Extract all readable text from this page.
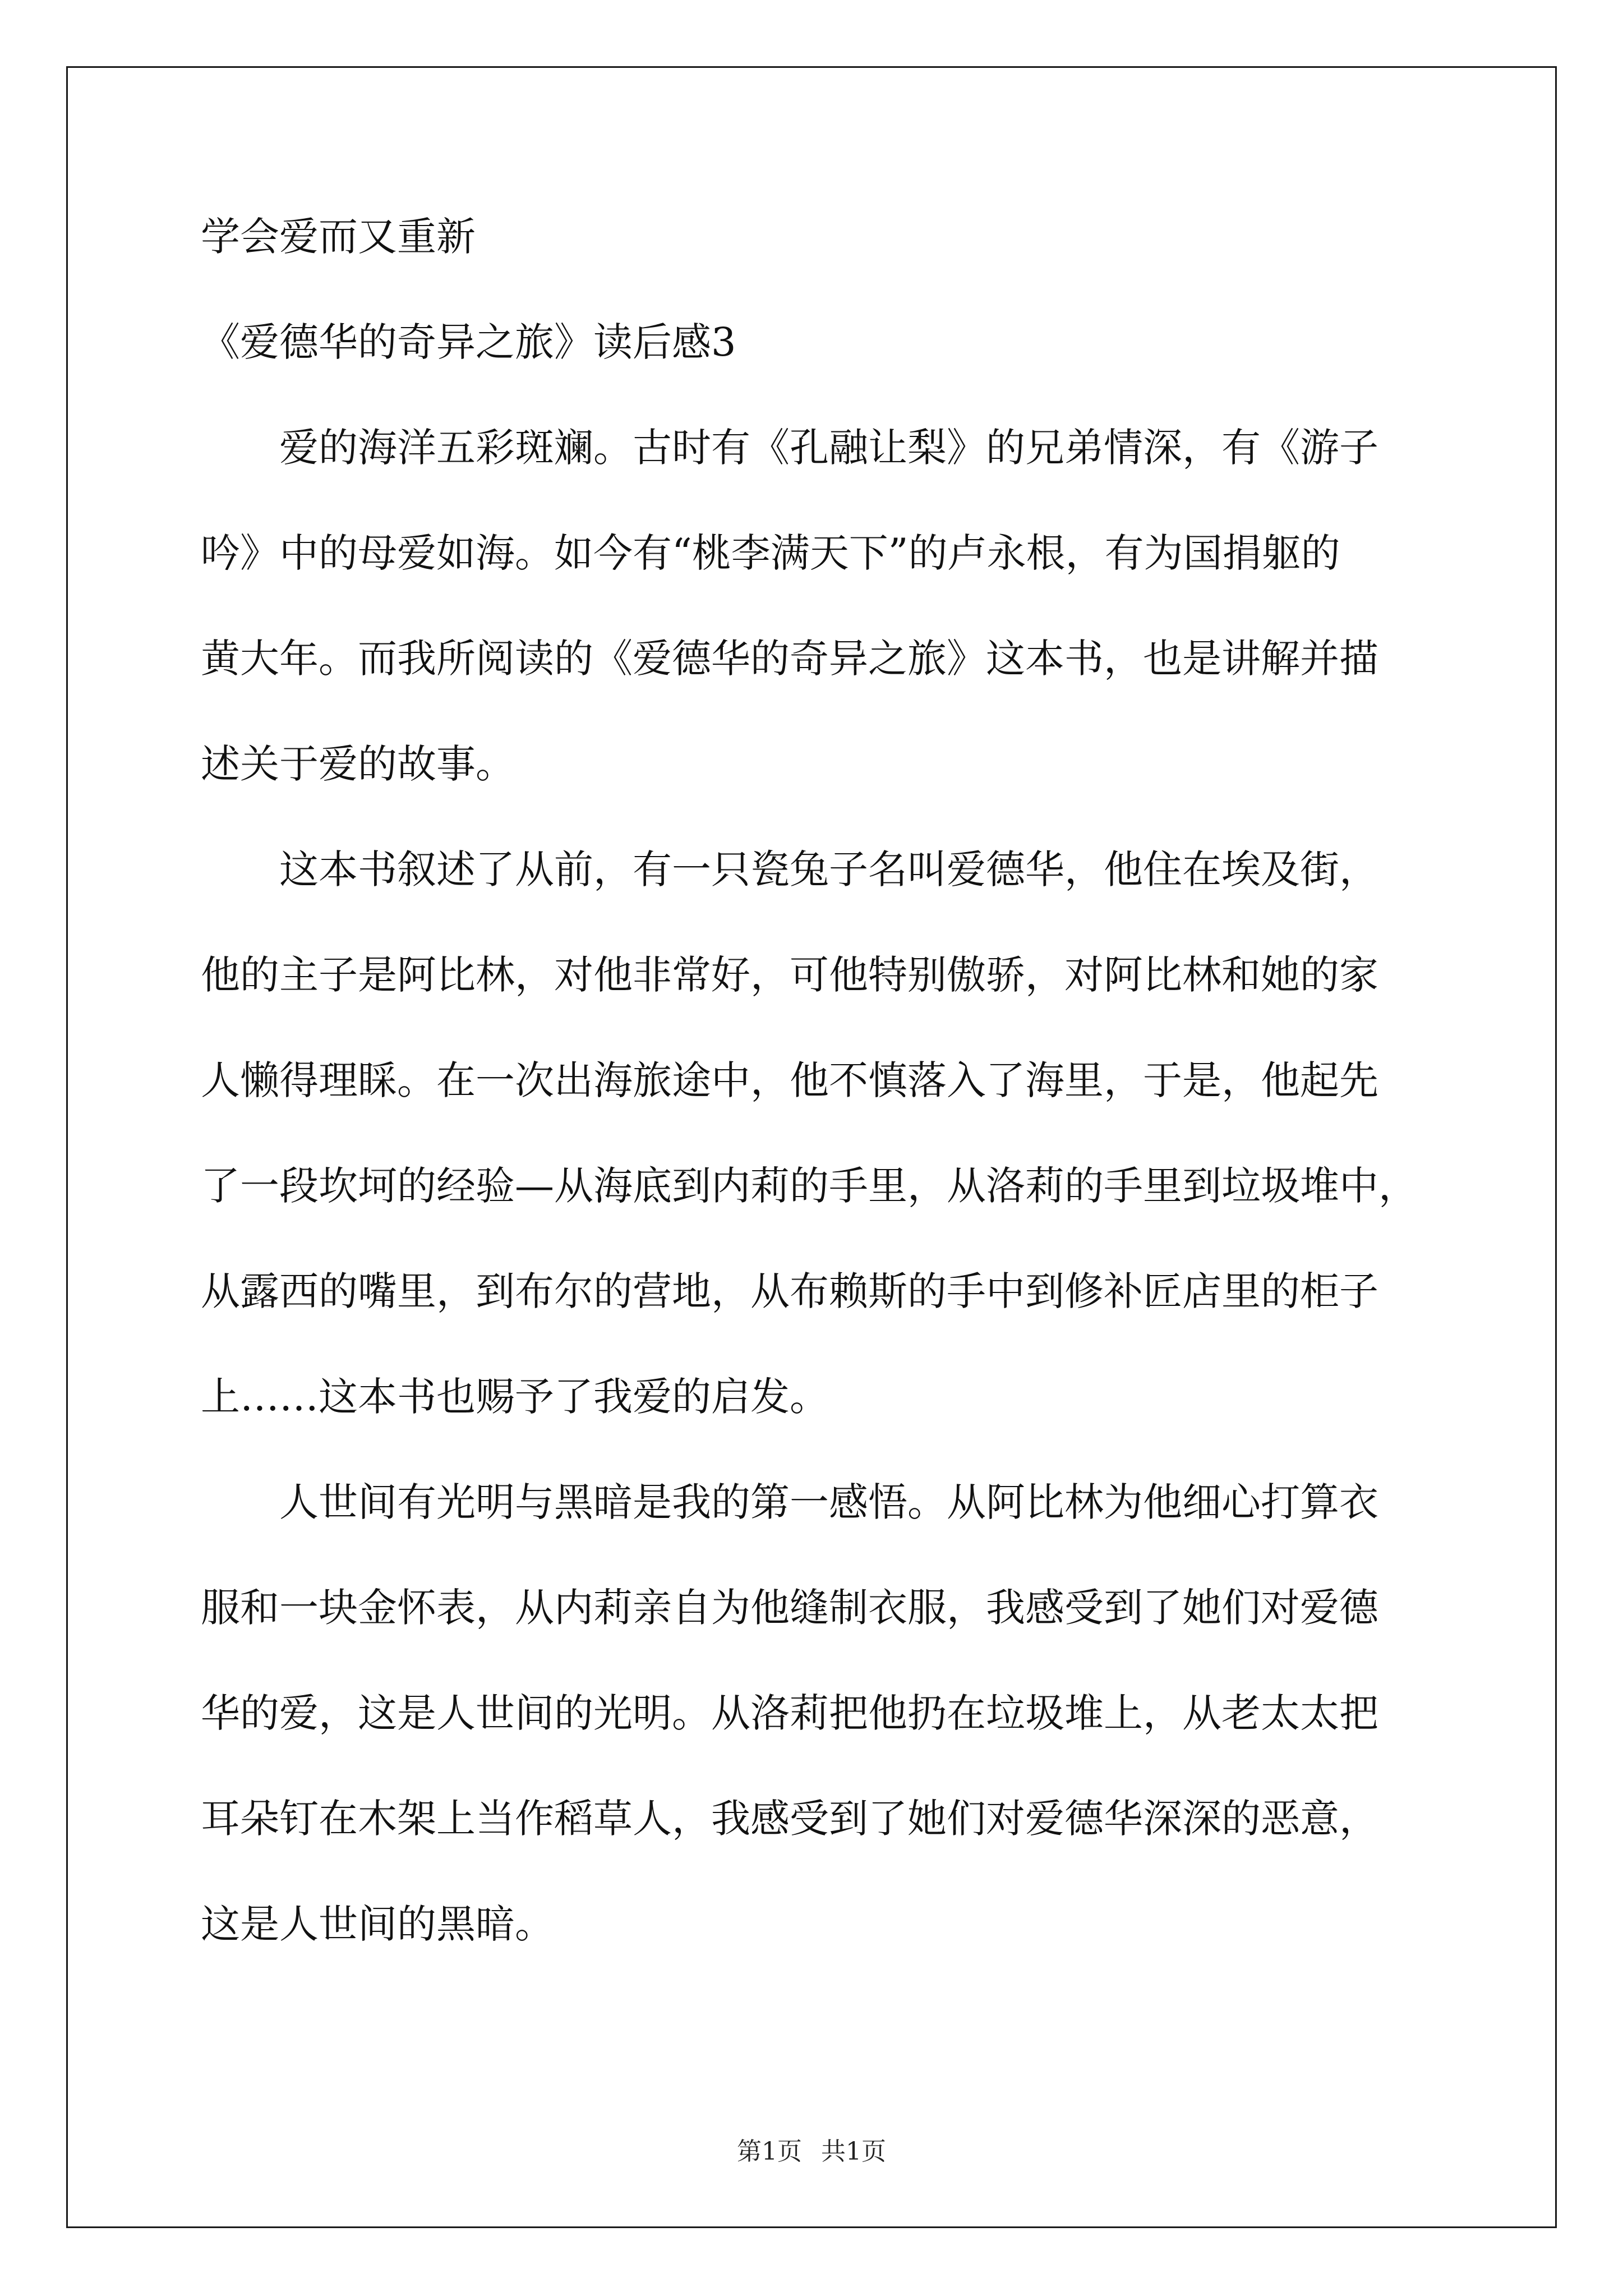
学会爱而又重新

《爱德华的奇异之旅》读后感3

爱的海洋五彩斑斓。古时有《孔融让梨》的兄弟情深，有《游子
吟》中的母爱如海。如今有“桃李满天下”的卢永根，有为国捐躯的
黄大年。而我所阅读的《爱德华的奇异之旅》这本书，也是讲解并描
述关于爱的故事。
这本书叙述了从前，有一只瓷兔子名叫爱德华，他住在埃及街，
他的主子是阿比林，对他非常好，可他特别傲骄，对阿比林和她的家
人懒得理睬。在一次出海旅途中，他不慎落入了海里，于是，他起先
了一段坎坷的经验—从海底到内莉的手里，从洛莉的手里到垃圾堆中，
从露西的嘴里，到布尔的营地，从布赖斯的手中到修补匠店里的柜子
上……这本书也赐予了我爱的启发。
人世间有光明与黑暗是我的第一感悟。从阿比林为他细心打算衣
服和一块金怀表，从内莉亲自为他缝制衣服，我感受到了她们对爱德
华的爱，这是人世间的光明。从洛莉把他扔在垃圾堆上，从老太太把
耳朵钉在木架上当作稻草人，我感受到了她们对爱德华深深的恶意，
这是人世间的黑暗。
第1页 共1页
